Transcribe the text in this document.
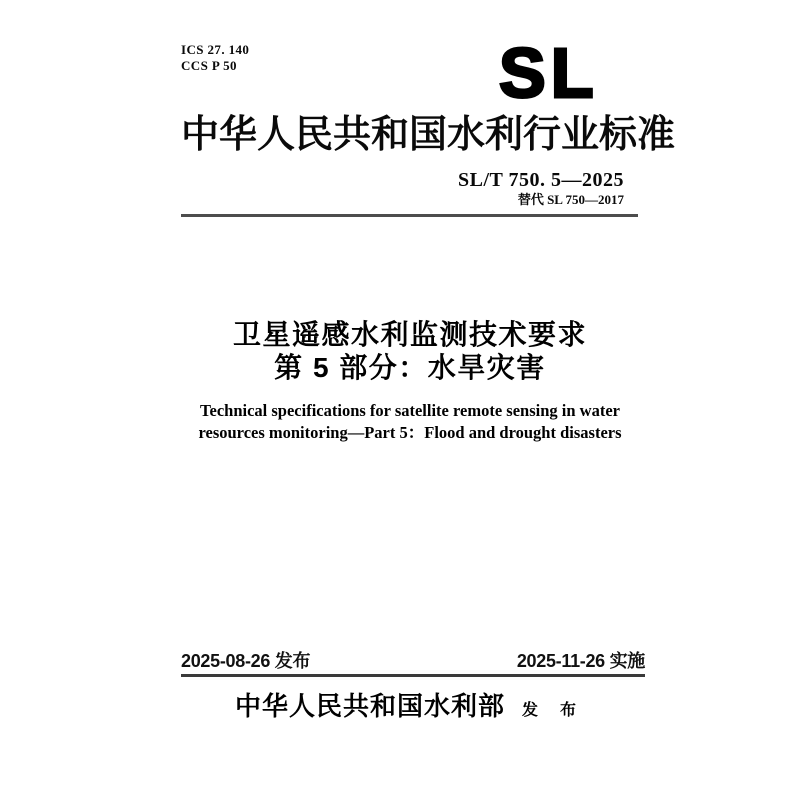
ICS 27. 140
CCS P 50	SL
中华人民共和国水利行业标准
SL/T 750. 5—2025
替代 SL 750—2017
卫星遥感水利监测技术要求
第 5 部分：水旱灾害
Technical specifications for satellite remote sensing in water
resources monitoring—Part 5：Flood and drought disasters
2025-08-26 发布	2025-11-26 实施
中华人民共和国水利部 发 布
